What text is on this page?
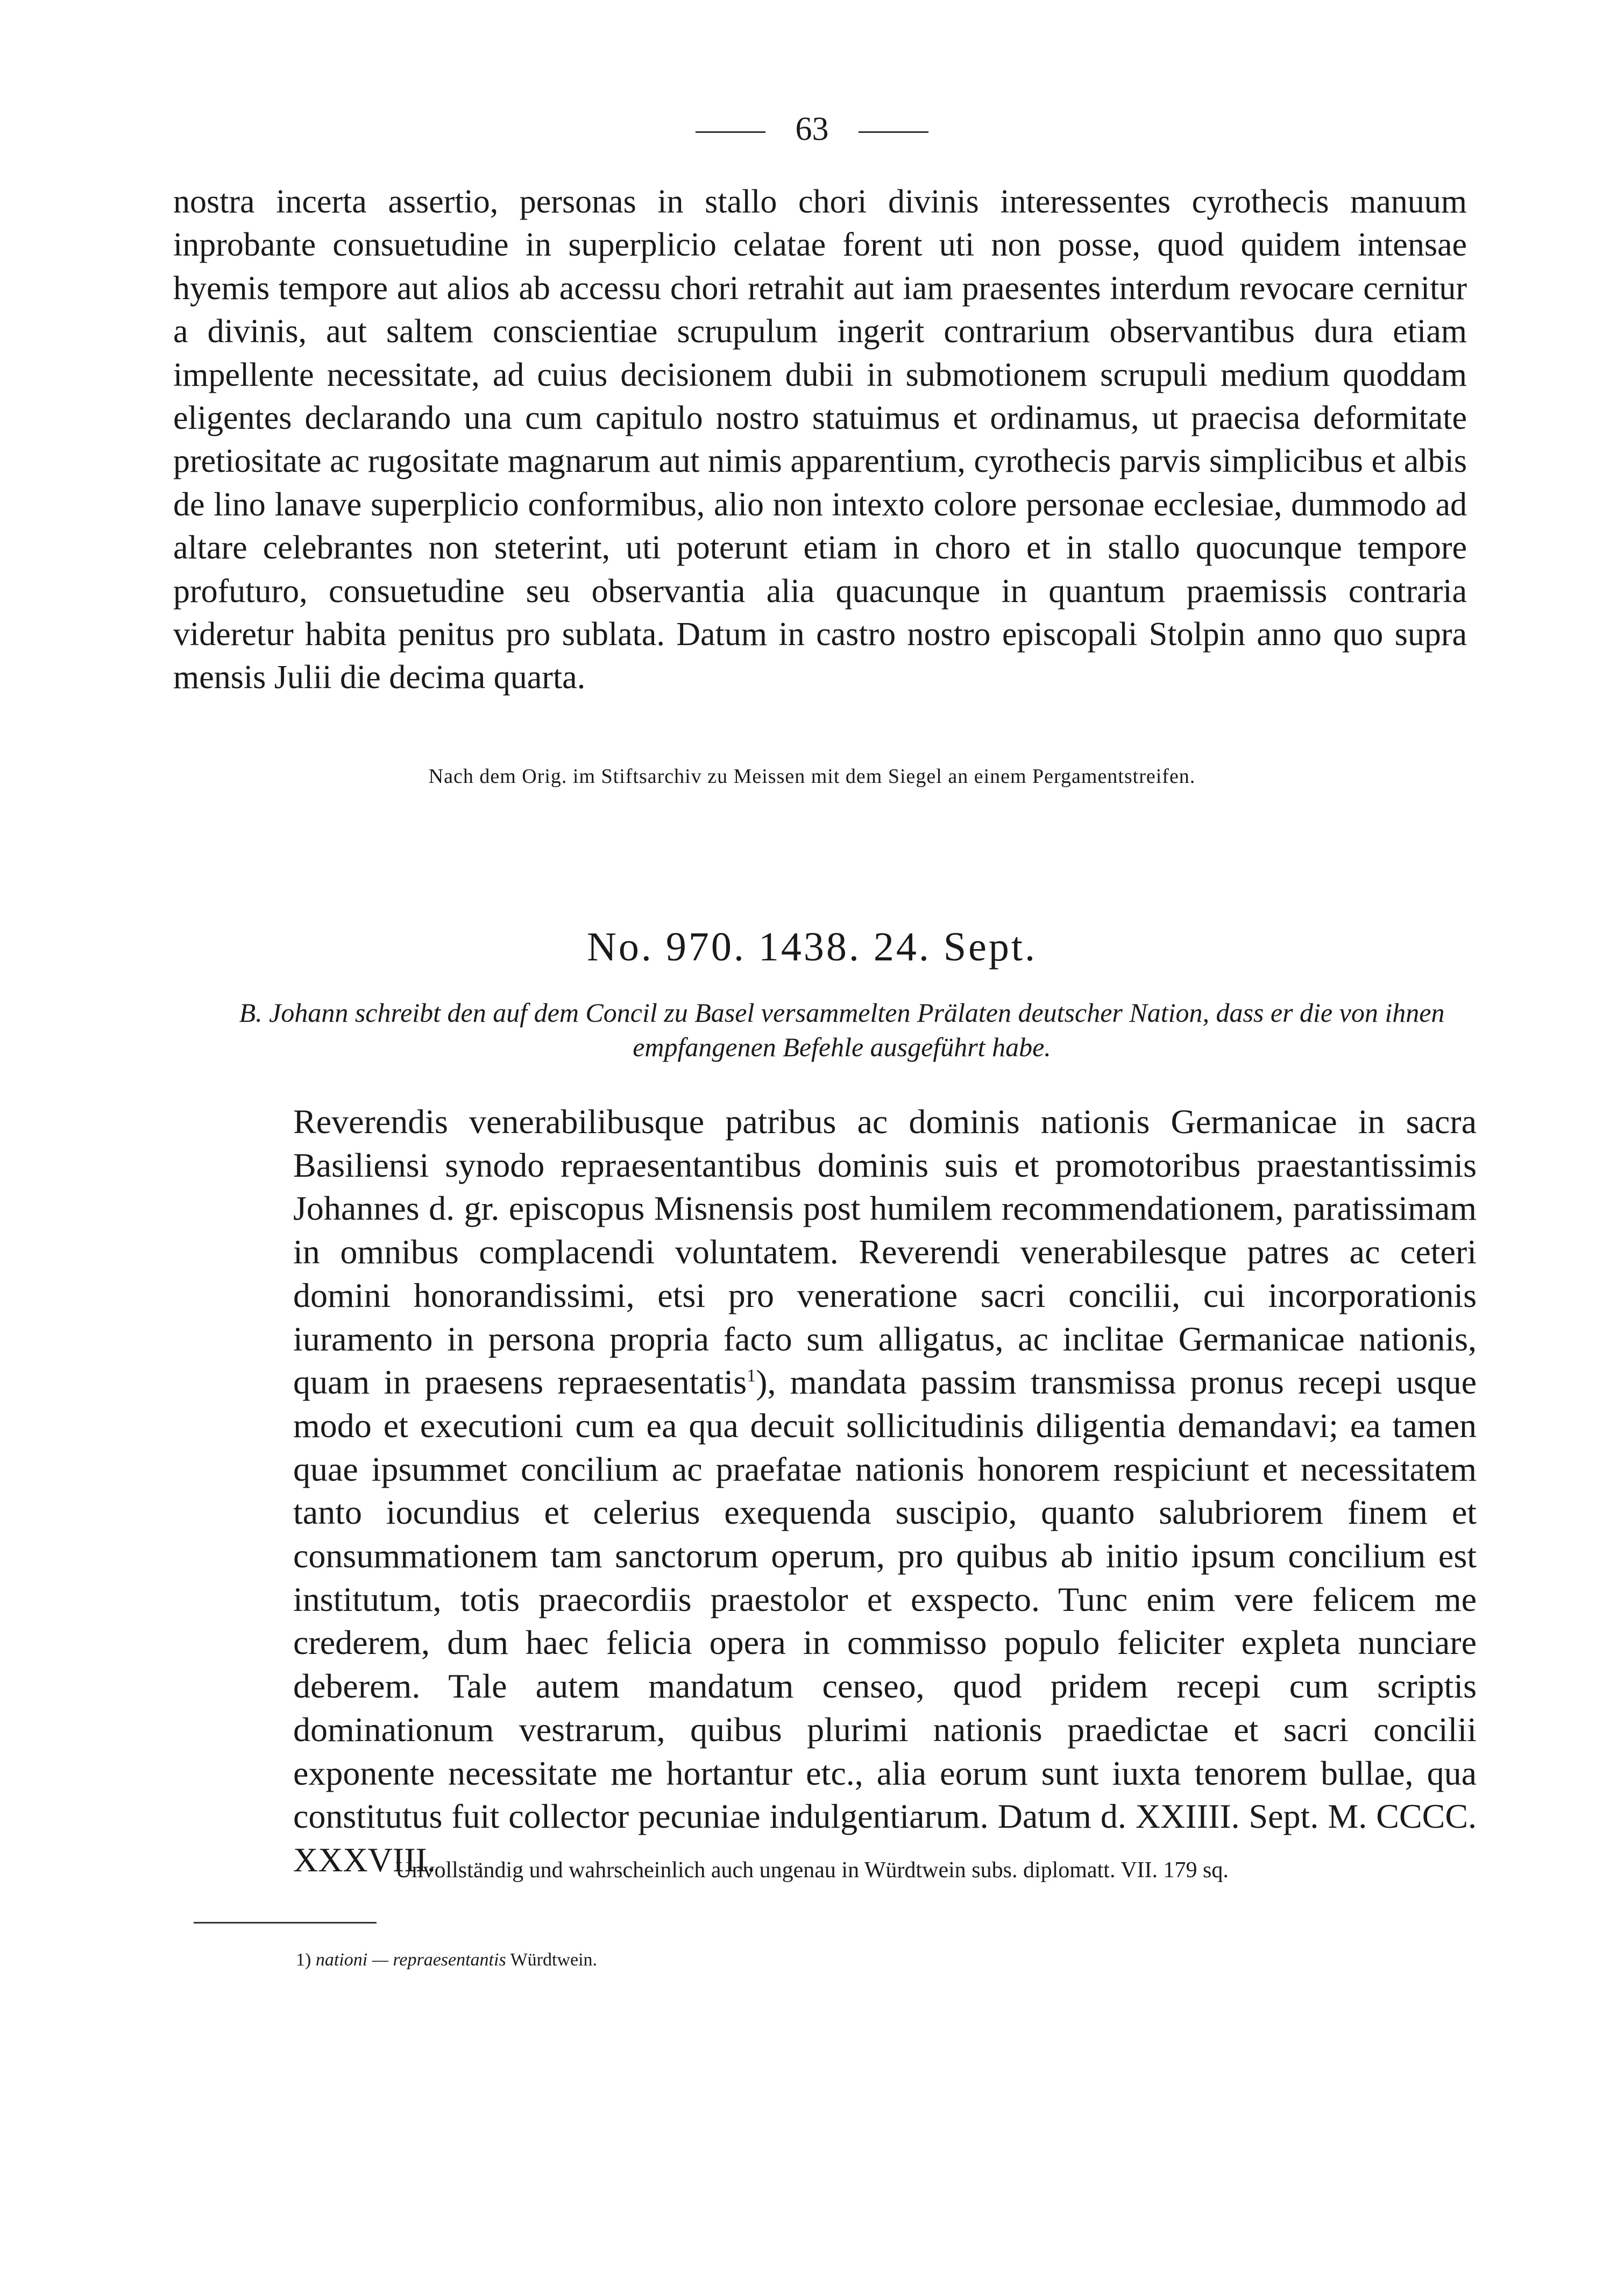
63

nostra incerta assertio, personas in stallo chori divinis interessentes cyrothecis manuum inprobante consuetudine in superplicio celatae forent uti non posse, quod quidem intensae hyemis tempore aut alios ab accessu chori retrahit aut iam praesentes interdum revocare cernitur a divinis, aut saltem conscientiae scrupulum ingerit contrarium observantibus dura etiam impellente necessitate, ad cuius decisionem dubii in submotionem scrupuli medium quoddam eligentes declarando una cum capitulo nostro statuimus et ordinamus, ut praecisa deformitate pretiositate ac rugositate magnarum aut nimis apparentium, cyrothecis parvis simplicibus et albis de lino lanave superplicio conformibus, alio non intexto colore personae ecclesiae, dummodo ad altare celebrantes non steterint, uti poterunt etiam in choro et in stallo quocunque tempore profuturo, consuetudine seu observantia alia quacunque in quantum praemissis contraria videretur habita penitus pro sublata. Datum in castro nostro episcopali Stolpin anno quo supra mensis Julii die decima quarta.

Nach dem Orig. im Stiftsarchiv zu Meissen mit dem Siegel an einem Pergamentstreifen.
No. 970. 1438. 24. Sept.
B. Johann schreibt den auf dem Concil zu Basel versammelten Prälaten deutscher Nation, dass er die von ihnen empfangenen Befehle ausgeführt habe.

Reverendis venerabilibusque patribus ac dominis nationis Germanicae in sacra Basiliensi synodo repraesentantibus dominis suis et promotoribus praestantissimis Johannes d. gr. episcopus Misnensis post humilem recommendationem, paratissimam in omnibus complacendi voluntatem. Reverendi venerabilesque patres ac ceteri domini honorandissimi, etsi pro veneratione sacri concilii, cui incorporationis iuramento in persona propria facto sum alligatus, ac inclitae Germanicae nationis, quam in praesens repraesentatis$^1$), mandata passim transmissa pronus recepi usque modo et executioni cum ea qua decuit sollicitudinis diligentia demandavi; ea tamen quae ipsummet concilium ac praefatae nationis honorem respiciunt et necessitatem tanto iocundius et celerius exequenda suscipio, quanto salubriorem finem et consummationem tam sanctorum operum, pro quibus ab initio ipsum concilium est institutum, totis praecordiis praestolor et exspecto. Tunc enim vere felicem me crederem, dum haec felicia opera in commisso populo feliciter expleta nunciare deberem. Tale autem mandatum censeo, quod pridem recepi cum scriptis dominationum vestrarum, quibus plurimi nationis praedictae et sacri concilii exponente necessitate me hortantur etc., alia eorum sunt iuxta tenorem bullae, qua constitutus fuit collector pecuniae indulgentiarum. Datum d. XXIIII. Sept. M. CCCC. XXXVIII.

Unvollständig und wahrscheinlich auch ungenau in Würdtwein subs. diplomatt. VII. 179 sq.
1) nationi — repraesentantis Würdtwein.
